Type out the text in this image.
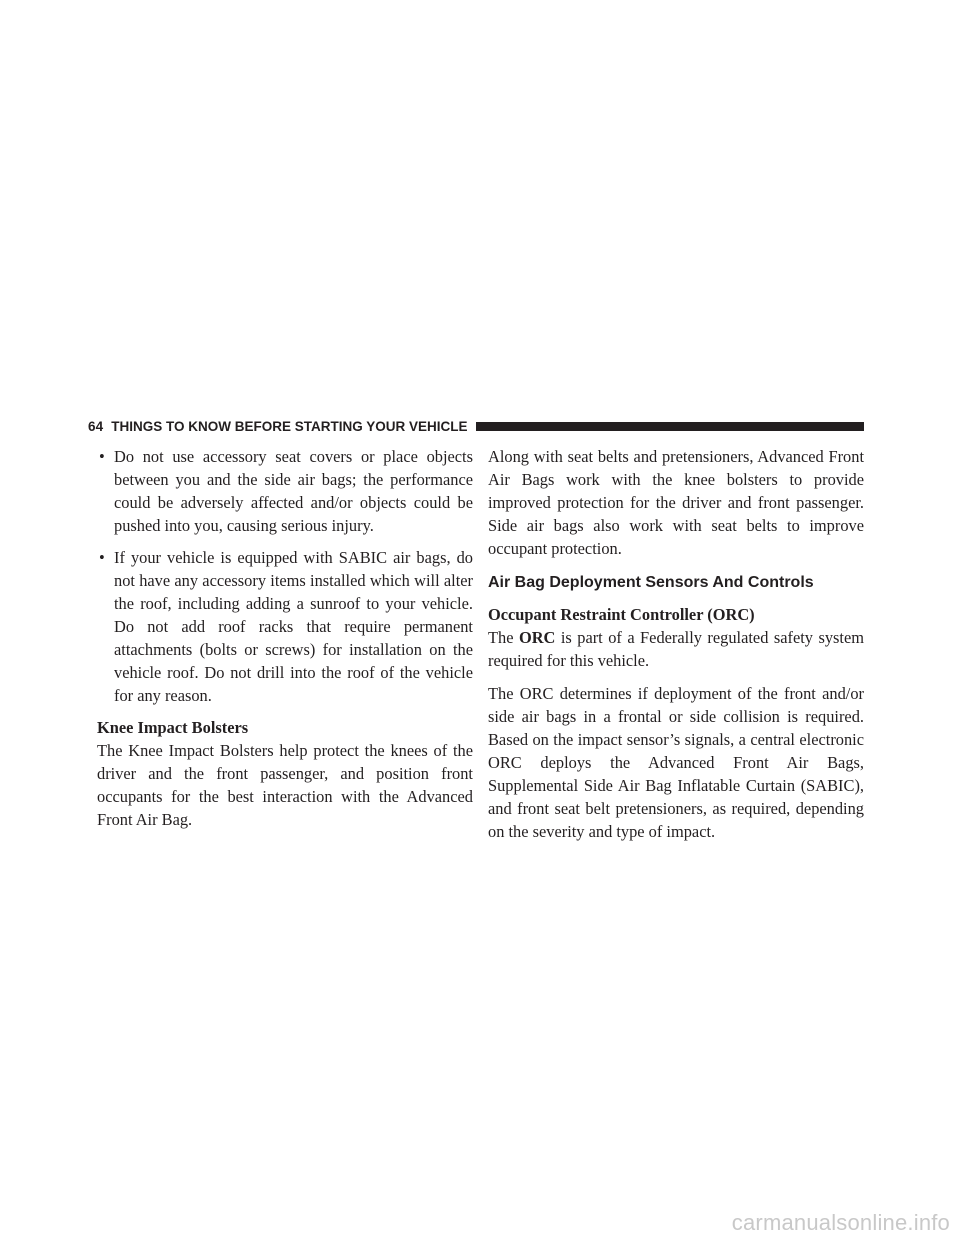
64 THINGS TO KNOW BEFORE STARTING YOUR VEHICLE
• Do not use accessory seat covers or place objects between you and the side air bags; the performance could be adversely affected and/or objects could be pushed into you, causing serious injury.
• If your vehicle is equipped with SABIC air bags, do not have any accessory items installed which will alter the roof, including adding a sunroof to your vehicle. Do not add roof racks that require permanent attachments (bolts or screws) for installation on the vehicle roof. Do not drill into the roof of the vehicle for any reason.
Knee Impact Bolsters

The Knee Impact Bolsters help protect the knees of the driver and the front passenger, and position front occupants for the best interaction with the Advanced Front Air Bag.

Along with seat belts and pretensioners, Advanced Front Air Bags work with the knee bolsters to provide improved protection for the driver and front passenger. Side air bags also work with seat belts to improve occupant protection.

Air Bag Deployment Sensors And Controls
Occupant Restraint Controller (ORC)

The ORC is part of a Federally regulated safety system required for this vehicle.

The ORC determines if deployment of the front and/or side air bags in a frontal or side collision is required. Based on the impact sensor’s signals, a central electronic ORC deploys the Advanced Front Air Bags, Supplemental Side Air Bag Inflatable Curtain (SABIC), and front seat belt pretensioners, as required, depending on the severity and type of impact.

carmanualsonline.info
